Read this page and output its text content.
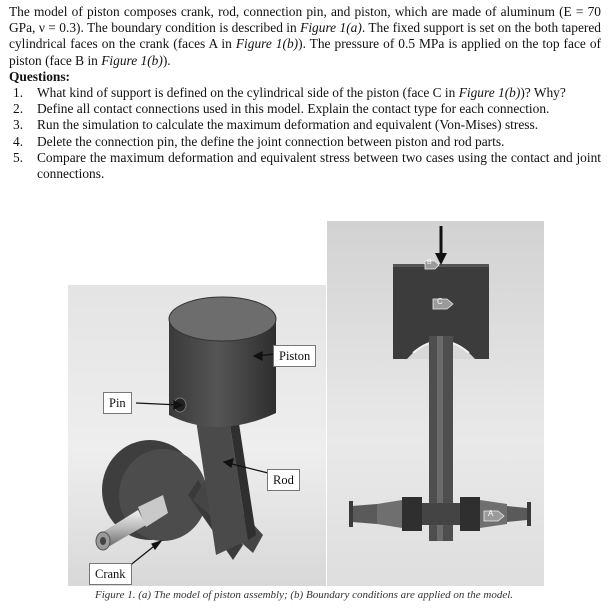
The model of piston composes crank, rod, connection pin, and piston, which are made of aluminum (E = 70 GPa, ν = 0.3). The boundary condition is described in Figure 1(a). The fixed support is set on the both tapered cylindrical faces on the crank (faces A in Figure 1(b)). The pressure of 0.5 MPa is applied on the top face of piston (face B in Figure 1(b)).

Questions:

1. What kind of support is defined on the cylindrical side of the piston (face C in Figure 1(b))? Why?
2. Define all contact connections used in this model. Explain the contact type for each connection.
3. Run the simulation to calculate the maximum deformation and equivalent (Von-Mises) stress.
4. Delete the connection pin, the define the joint connection between piston and rod parts.
5. Compare the maximum deformation and equivalent stress between two cases using the contact and joint connections.
Piston
Pin
Rod
Crank
B
C
A
Figure 1. (a) The model of piston assembly; (b) Boundary conditions are applied on the model.
